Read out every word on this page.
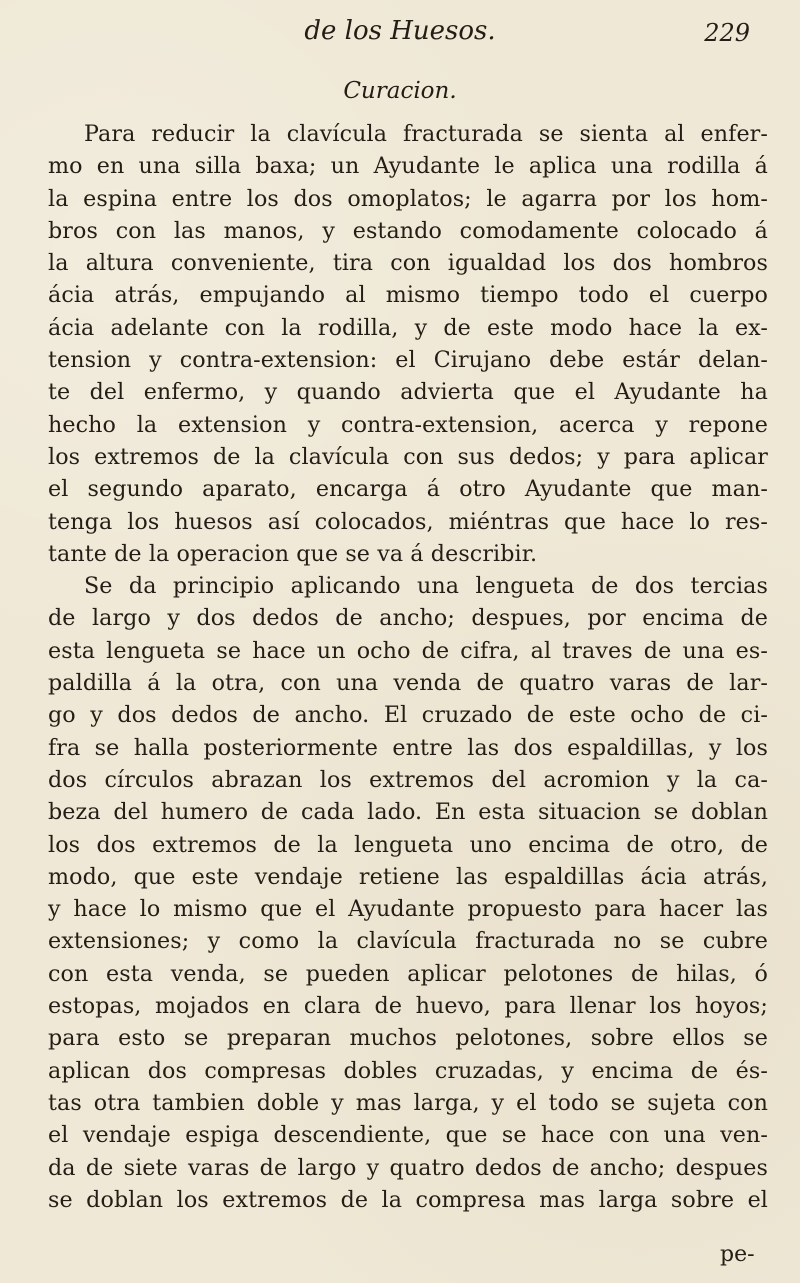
de los Huesos.	229
Curacion.
Para reducir la clavícula fracturada se sienta al enfer-
mo en una silla baxa; un Ayudante le aplica una rodilla á
la espina entre los dos omoplatos; le agarra por los hom-
bros con las manos, y estando comodamente colocado á
la altura conveniente, tira con igualdad los dos hombros
ácia atrás, empujando al mismo tiempo todo el cuerpo
ácia adelante con la rodilla, y de este modo hace la ex-
tension y contra-extension: el Cirujano debe estár delan-
te del enfermo, y quando advierta que el Ayudante ha
hecho la extension y contra-extension, acerca y repone
los extremos de la clavícula con sus dedos; y para aplicar
el segundo aparato, encarga á otro Ayudante que man-
tenga los huesos así colocados, miéntras que hace lo res-
tante de la operacion que se va á describir.
Se da principio aplicando una lengueta de dos tercias
de largo y dos dedos de ancho; despues, por encima de
esta lengueta se hace un ocho de cifra, al traves de una es-
paldilla á la otra, con una venda de quatro varas de lar-
go y dos dedos de ancho. El cruzado de este ocho de ci-
fra se halla posteriormente entre las dos espaldillas, y los
dos círculos abrazan los extremos del acromion y la ca-
beza del humero de cada lado. En esta situacion se doblan
los dos extremos de la lengueta uno encima de otro, de
modo, que este vendaje retiene las espaldillas ácia atrás,
y hace lo mismo que el Ayudante propuesto para hacer las
extensiones; y como la clavícula fracturada no se cubre
con esta venda, se pueden aplicar pelotones de hilas, ó
estopas, mojados en clara de huevo, para llenar los hoyos;
para esto se preparan muchos pelotones, sobre ellos se
aplican dos compresas dobles cruzadas, y encima de és-
tas otra tambien doble y mas larga, y el todo se sujeta con
el vendaje espiga descendiente, que se hace con una ven-
da de siete varas de largo y quatro dedos de ancho; despues
se doblan los extremos de la compresa mas larga sobre el
pe-
